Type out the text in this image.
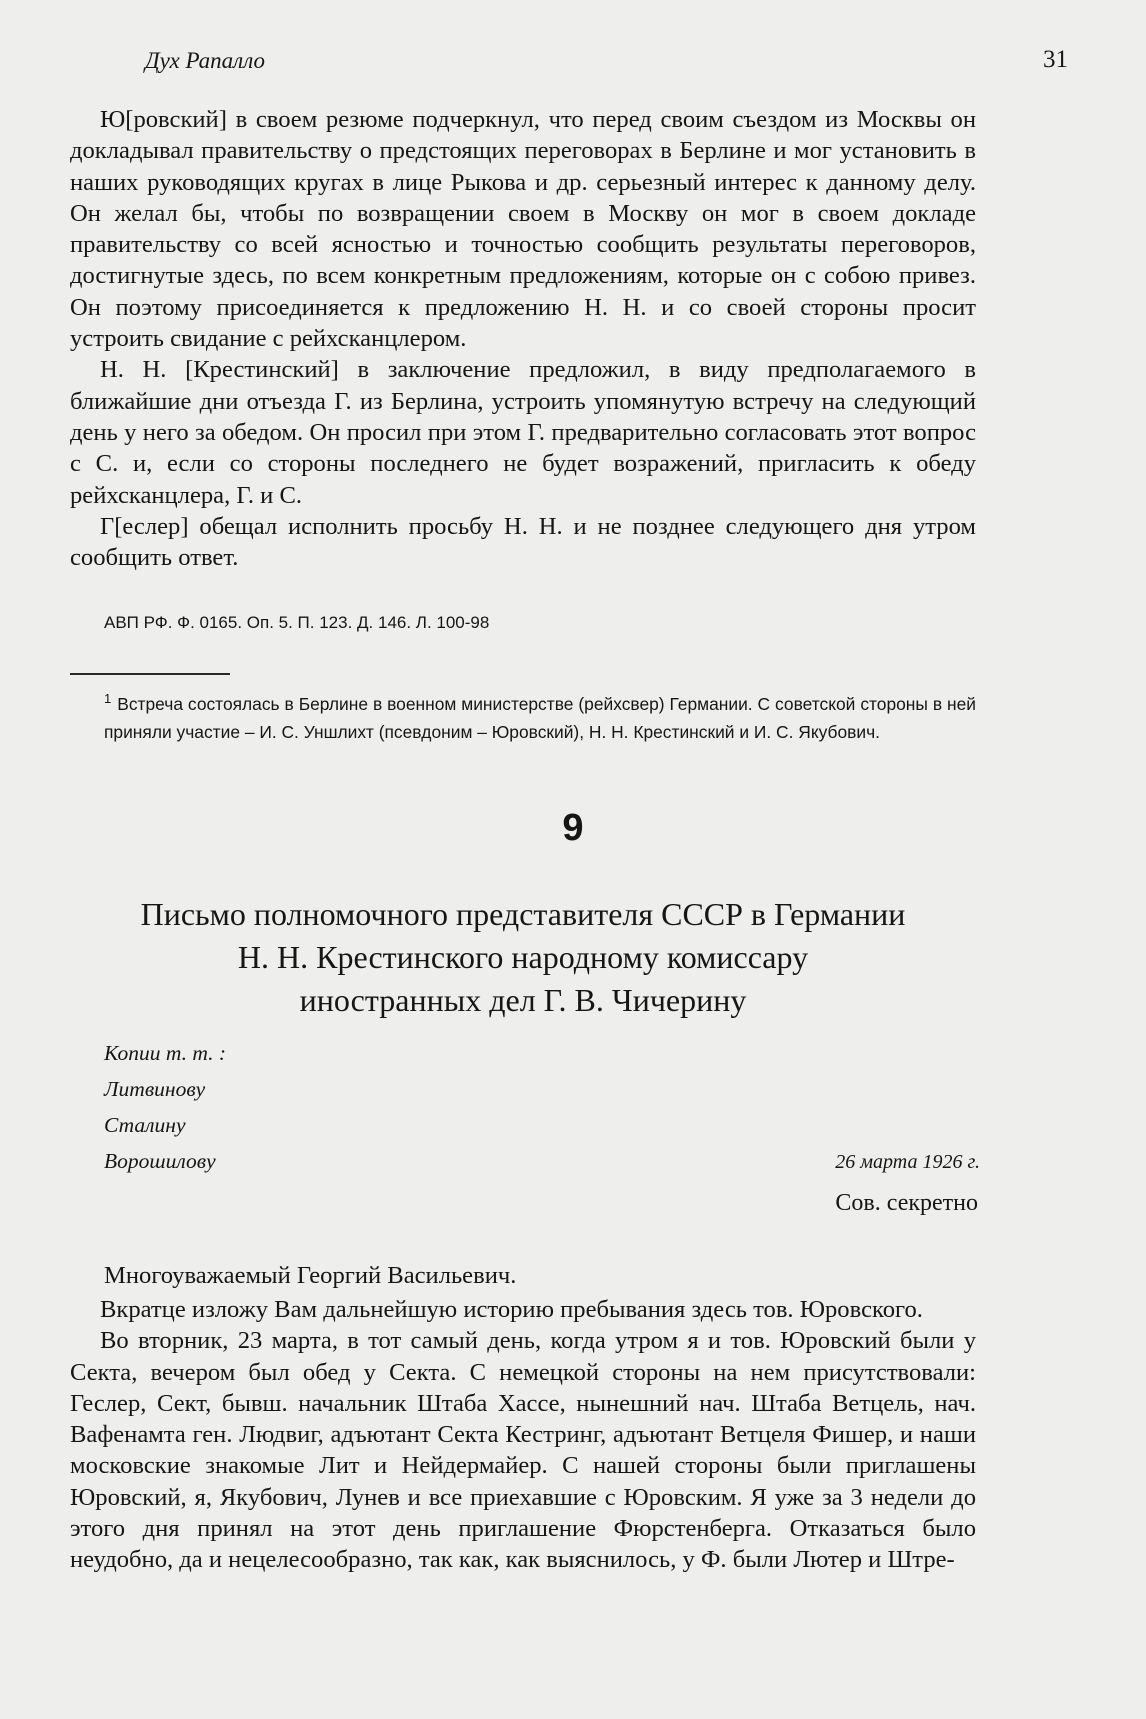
Дух Рапалло	31

Ю[ровский] в своем резюме подчеркнул, что перед своим съездом из Москвы он докладывал правительству о предстоящих переговорах в Берлине и мог установить в наших руководящих кругах в лице Рыкова и др. серьезный интерес к данному делу. Он желал бы, чтобы по возвращении своем в Москву он мог в своем докладе правительству со всей ясностью и точностью сообщить результаты переговоров, достигнутые здесь, по всем конкретным предложениям, которые он с собою привез. Он поэтому присоединяется к предложению Н. Н. и со своей стороны просит устроить свидание с рейхсканцлером.

Н. Н. [Крестинский] в заключение предложил, в виду предполагаемого в ближайшие дни отъезда Г. из Берлина, устроить упомянутую встречу на следующий день у него за обедом. Он просил при этом Г. предварительно согласовать этот вопрос с С. и, если со стороны последнего не будет возражений, пригласить к обеду рейхсканцлера, Г. и С.

Г[еслер] обещал исполнить просьбу Н. Н. и не позднее следующего дня утром сообщить ответ.

АВП РФ. Ф. 0165. Оп. 5. П. 123. Д. 146. Л. 100-98
$^1$ Встреча состоялась в Берлине в военном министерстве (рейхсвер) Германии. С советской стороны в ней приняли участие – И. С. Уншлихт (псевдоним – Юровский), Н. Н. Крестинский и И. С. Якубович.
9
Письмо полномочного представителя СССР в Германии
Н. Н. Крестинского народному комиссару
иностранных дел Г. В. Чичерину
Копии т. т. :
Литвинову
Сталину
Ворошилову	26 марта 1926 г.
Сов. секретно
Многоуважаемый Георгий Васильевич.

Вкратце изложу Вам дальнейшую историю пребывания здесь тов. Юровского.

Во вторник, 23 марта, в тот самый день, когда утром я и тов. Юровский были у Секта, вечером был обед у Секта. С немецкой стороны на нем присутствовали: Геслер, Сект, бывш. начальник Штаба Хассе, нынешний нач. Штаба Ветцель, нач. Вафенамта ген. Людвиг, адъютант Секта Кестринг, адъютант Ветцеля Фишер, и наши московские знакомые Лит и Нейдермайер. С нашей стороны были приглашены Юровский, я, Якубович, Лунев и все приехавшие с Юровским. Я уже за 3 недели до этого дня принял на этот день приглашение Фюрстенберга. Отказаться было неудобно, да и нецелесообразно, так как, как выяснилось, у Ф. были Лютер и Штре-
